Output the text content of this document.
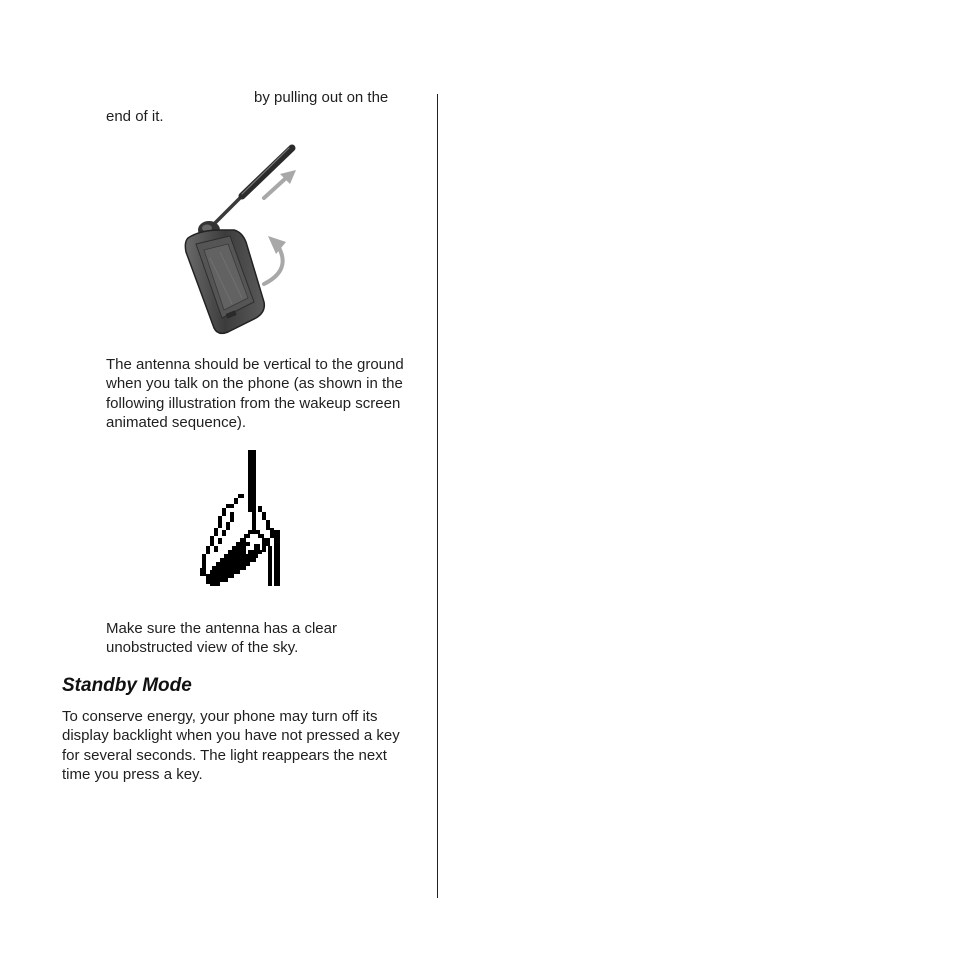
by pulling out on the

end of it.

The antenna should be vertical to the ground
when you talk on the phone (as shown in the
following illustration from the wakeup screen
animated sequence).

Make sure the antenna has a clear
unobstructed view of the sky.

Standby Mode

To conserve energy, your phone may turn off its
display backlight when you have not pressed a key
for several seconds. The light reappears the next
time you press a key.
